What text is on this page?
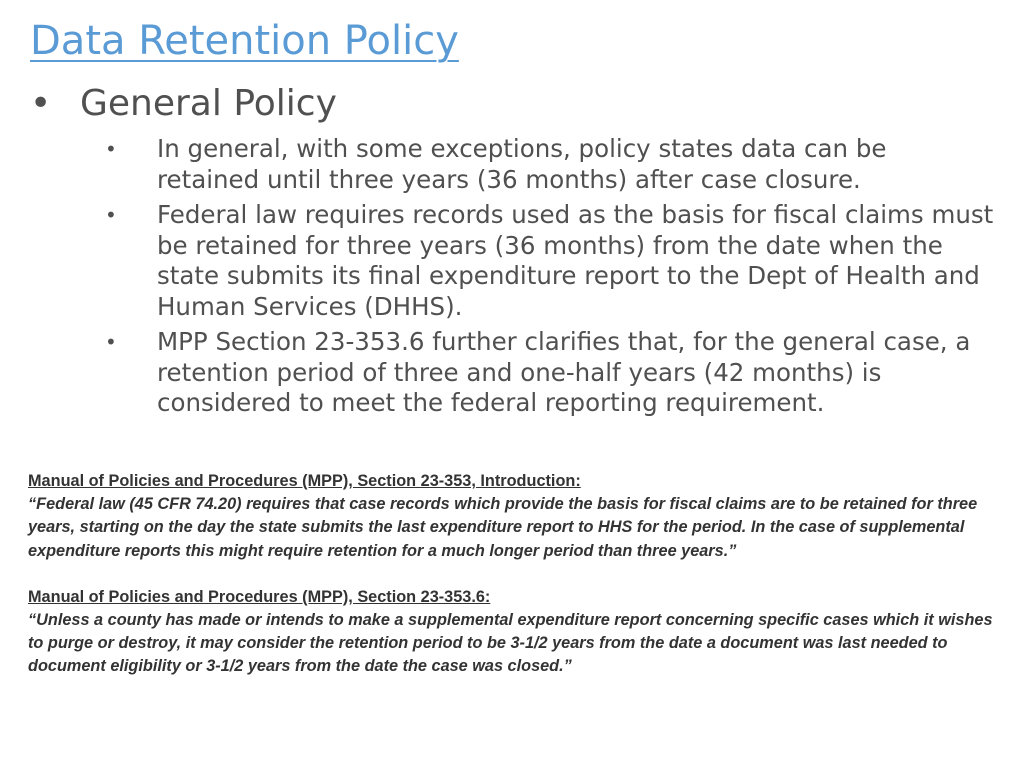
Data Retention Policy
• General Policy
• In general, with some exceptions, policy states data can be retained until three years (36 months) after case closure.
• Federal law requires records used as the basis for fiscal claims must be retained for three years (36 months) from the date when the state submits its final expenditure report to the Dept of Health and Human Services (DHHS).
• MPP Section 23-353.6 further clarifies that, for the general case, a retention period of three and one-half years (42 months) is considered to meet the federal reporting requirement.

Manual of Policies and Procedures (MPP), Section 23-353, Introduction:

“Federal law (45 CFR 74.20) requires that case records which provide the basis for fiscal claims are to be retained for three years, starting on the day the state submits the last expenditure report to HHS for the period. In the case of supplemental expenditure reports this might require retention for a much longer period than three years.”

Manual of Policies and Procedures (MPP), Section 23-353.6:

“Unless a county has made or intends to make a supplemental expenditure report concerning specific cases which it wishes to purge or destroy, it may consider the retention period to be 3-1/2 years from the date a document was last needed to document eligibility or 3-1/2 years from the date the case was closed.”
